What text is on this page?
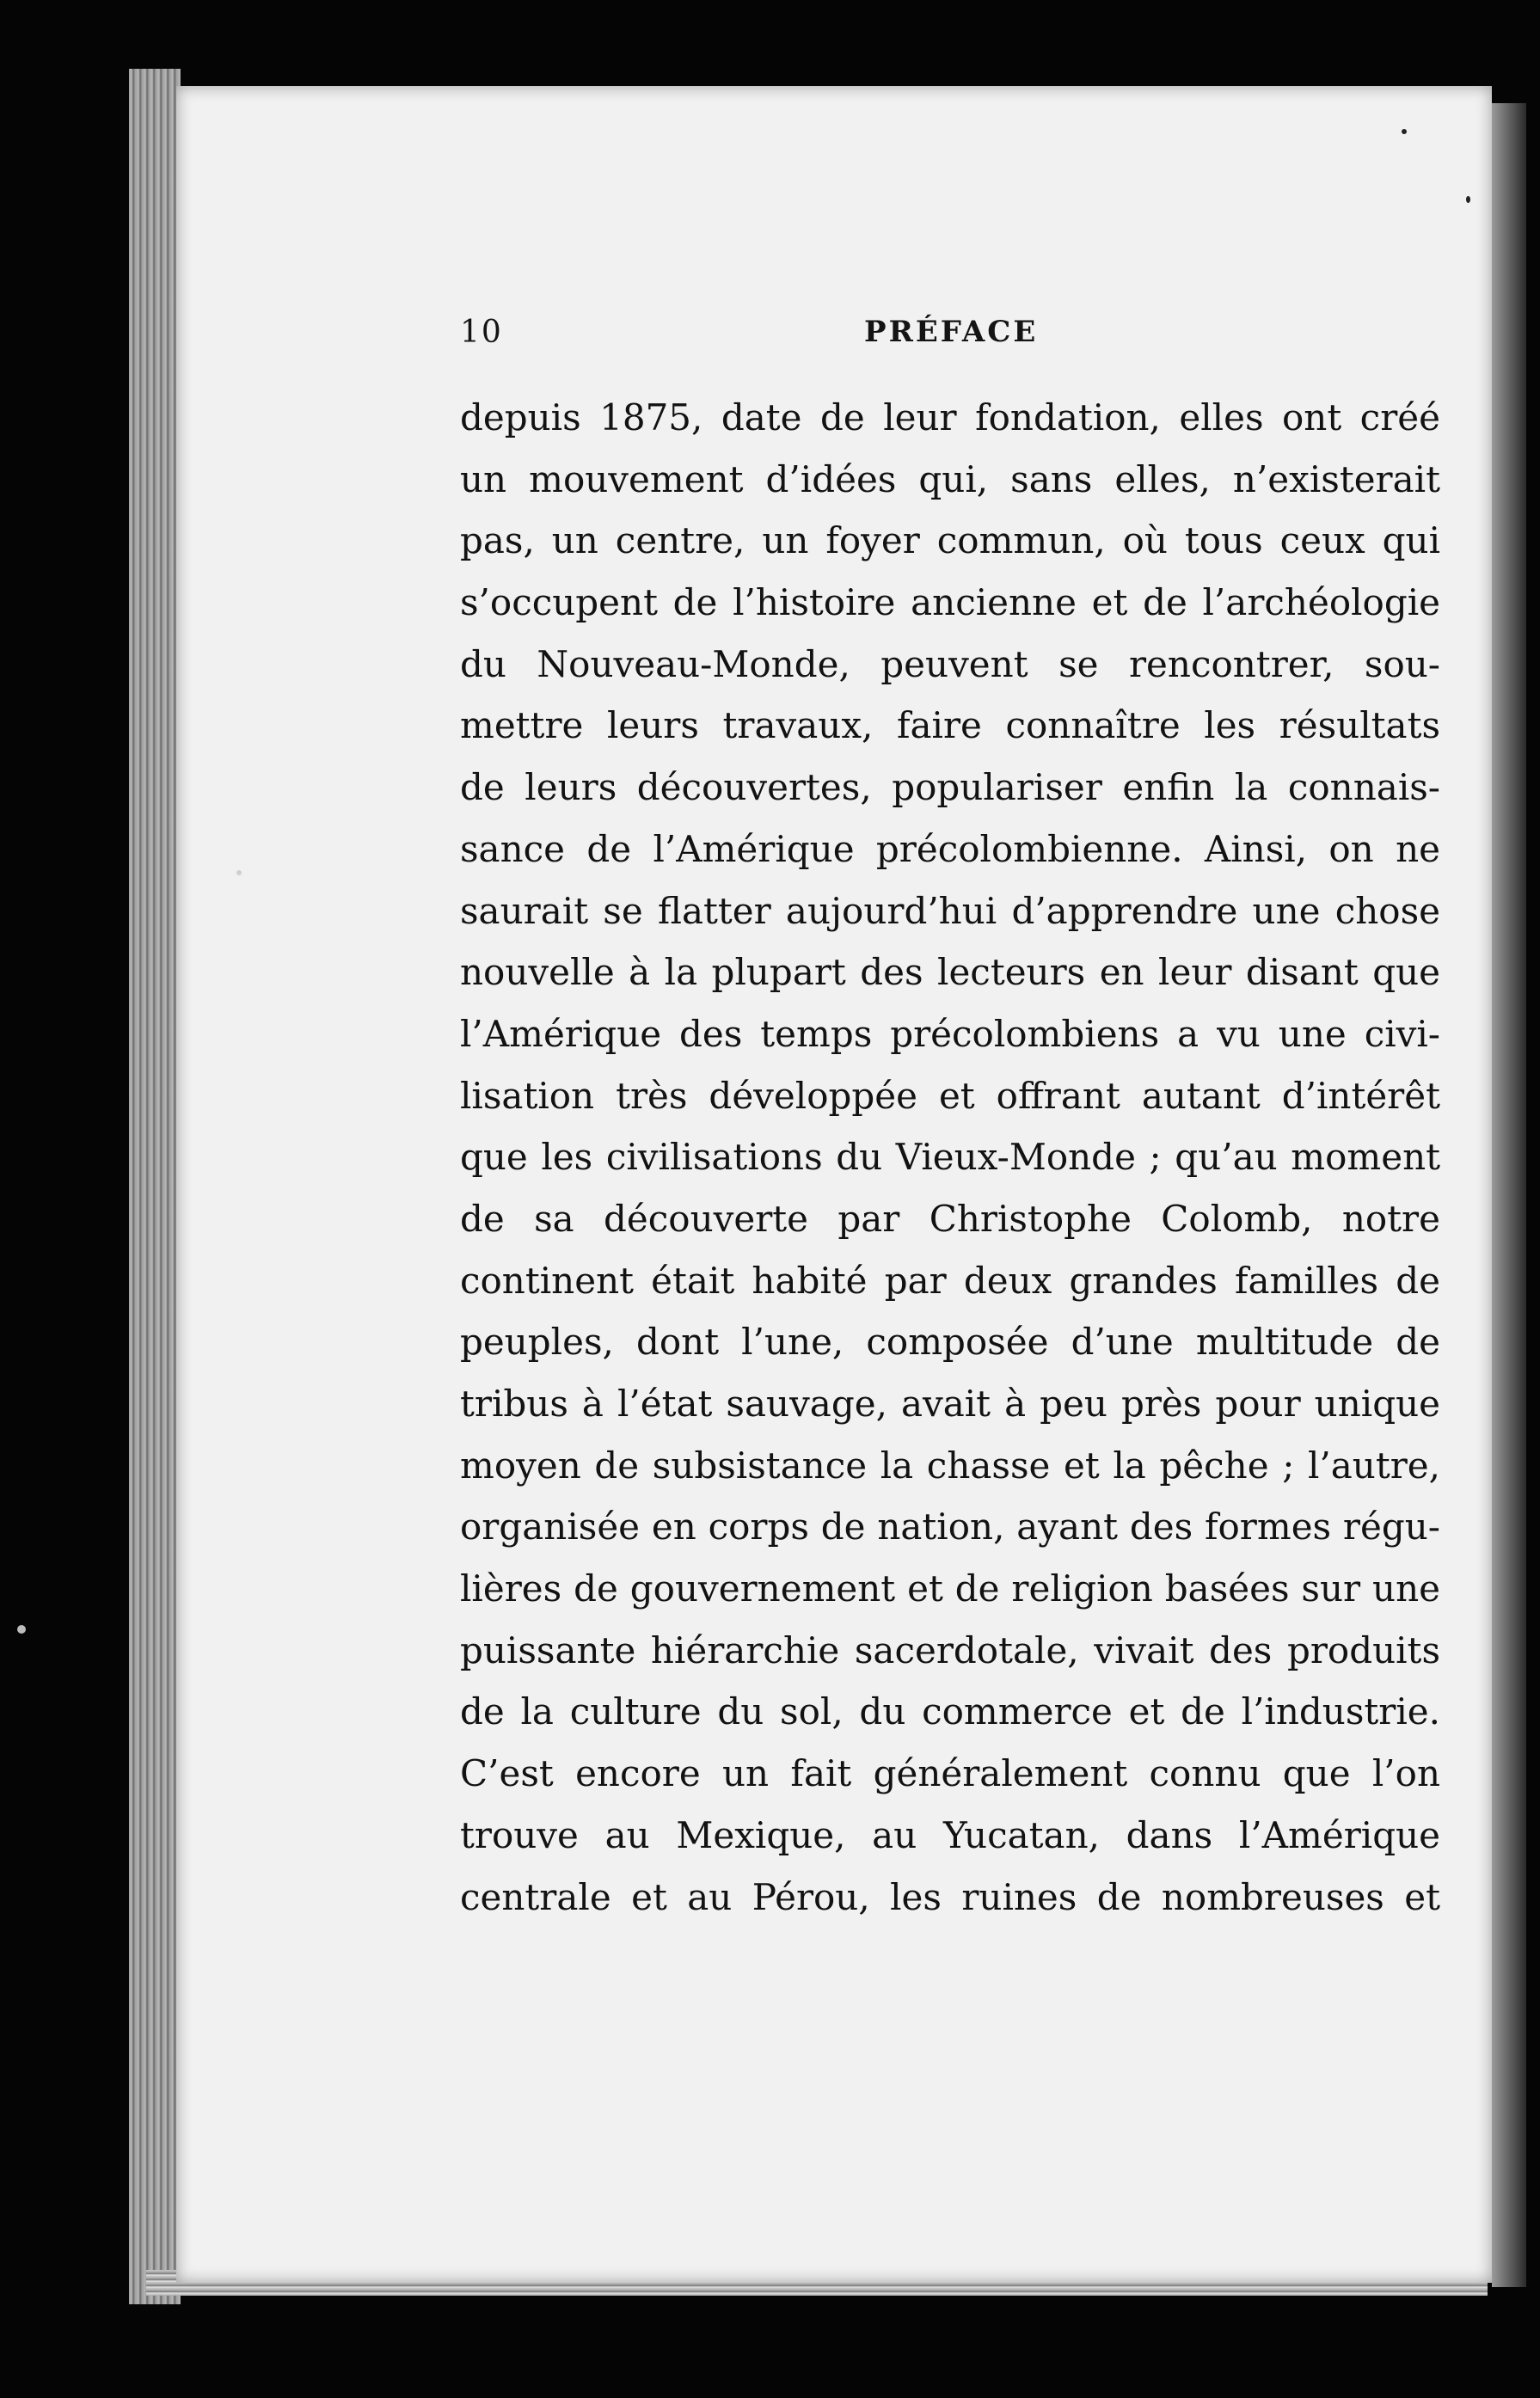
10	PRÉFACE
depuis 1875, date de leur fondation, elles ont créé
un mouvement d’idées qui, sans elles, n’existerait
pas, un centre, un foyer commun, où tous ceux qui
s’occupent de l’histoire ancienne et de l’archéologie
du Nouveau-Monde, peuvent se rencontrer, sou-
mettre leurs travaux, faire connaître les résultats
de leurs découvertes, populariser enfin la connais-
sance de l’Amérique précolombienne. Ainsi, on ne
saurait se flatter aujourd’hui d’apprendre une chose
nouvelle à la plupart des lecteurs en leur disant que
l’Amérique des temps précolombiens a vu une civi-
lisation très développée et offrant autant d’intérêt
que les civilisations du Vieux-Monde ; qu’au moment
de sa découverte par Christophe Colomb, notre
continent était habité par deux grandes familles de
peuples, dont l’une, composée d’une multitude de
tribus à l’état sauvage, avait à peu près pour unique
moyen de subsistance la chasse et la pêche ; l’autre,
organisée en corps de nation, ayant des formes régu-
lières de gouvernement et de religion basées sur une
puissante hiérarchie sacerdotale, vivait des produits
de la culture du sol, du commerce et de l’industrie.
C’est encore un fait généralement connu que l’on
trouve au Mexique, au Yucatan, dans l’Amérique
centrale et au Pérou, les ruines de nombreuses et
